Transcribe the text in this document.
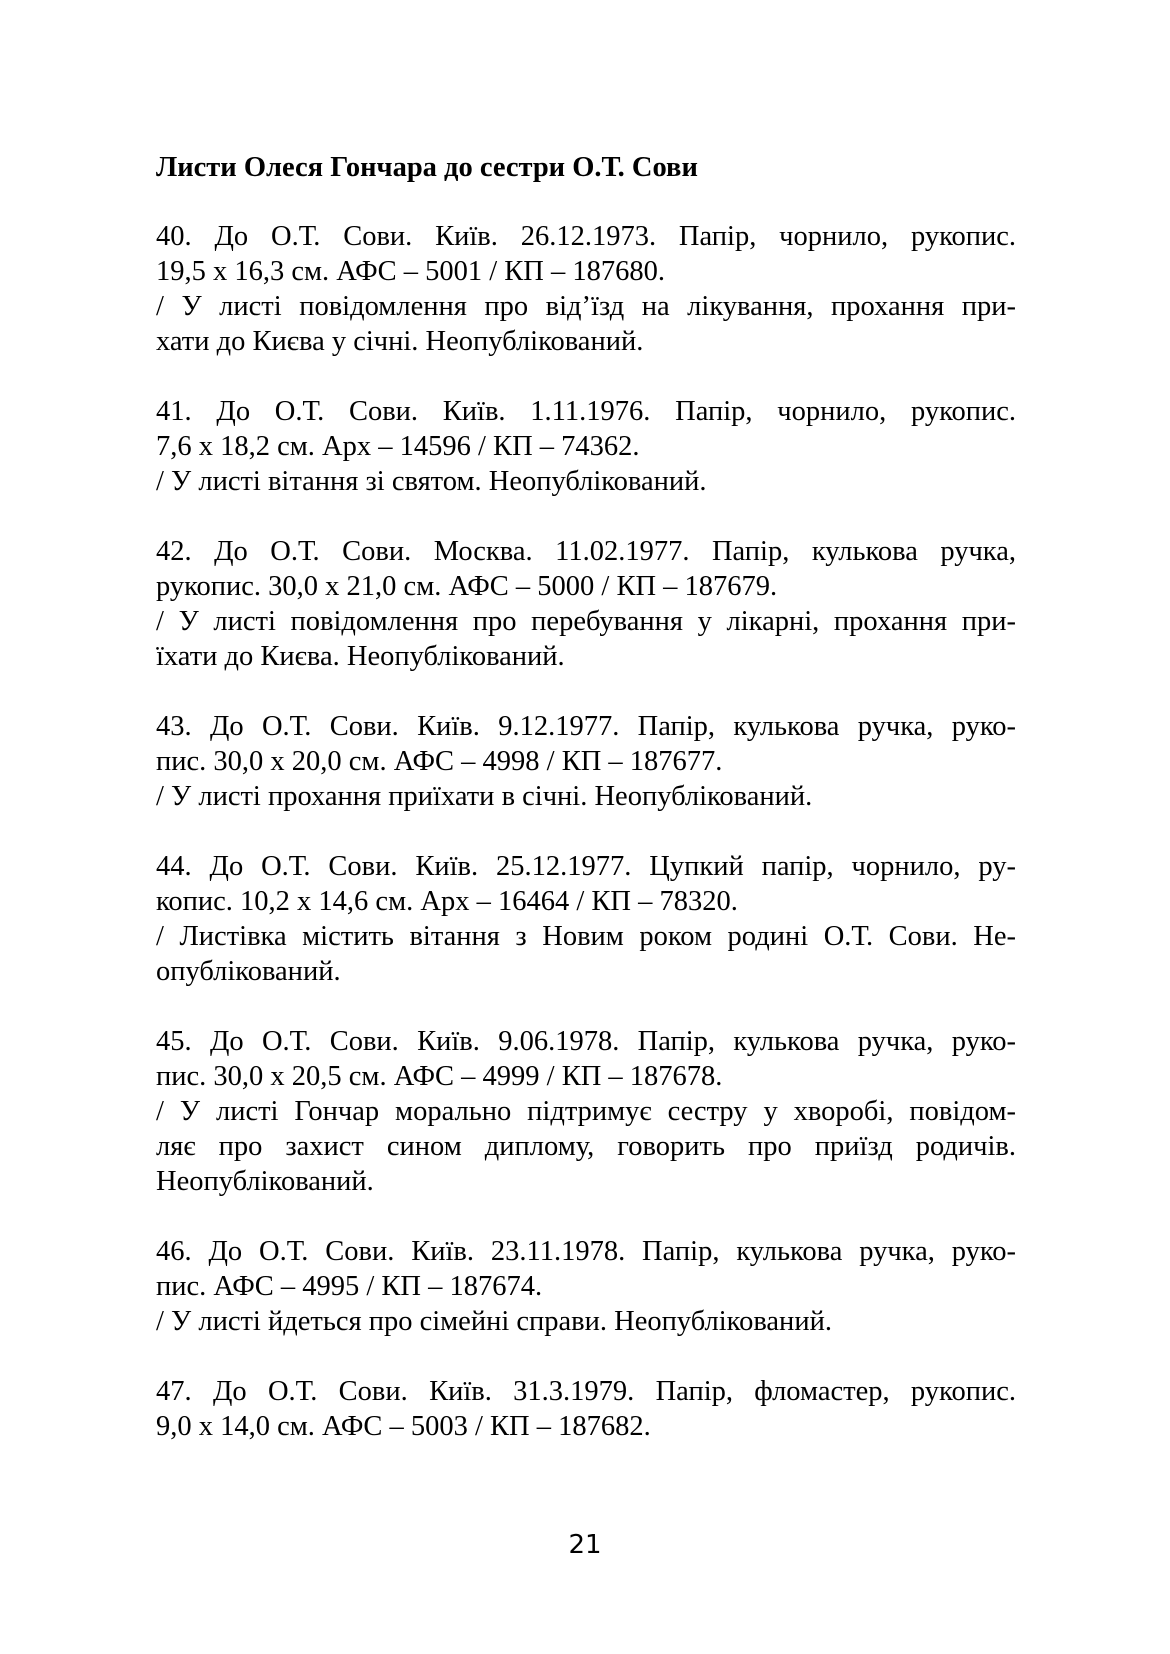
Листи Олеся Гончара до сестри О.Т. Сови
40. До О.Т. Сови. Київ. 26.12.1973. Папір, чорнило, рукопис.
19,5 х 16,3 см. АФС – 5001 / КП – 187680.
/ У листі повідомлення про від’їзд на лікування, прохання при-
хати до Києва у січні. Неопублікований.
41. До О.Т. Сови. Київ. 1.11.1976. Папір, чорнило, рукопис.
7,6 х 18,2 см. Арх – 14596 / КП – 74362.
/ У листі вітання зі святом. Неопублікований.
42. До О.Т. Сови. Москва. 11.02.1977. Папір, кулькова ручка,
рукопис. 30,0 х 21,0 см. АФС – 5000 / КП – 187679.
/ У листі повідомлення про перебування у лікарні, прохання при-
їхати до Києва. Неопублікований.
43. До О.Т. Сови. Київ. 9.12.1977. Папір, кулькова ручка, руко-
пис. 30,0 х 20,0 см. АФС – 4998 / КП – 187677.
/ У листі прохання приїхати в січні. Неопублікований.
44. До О.Т. Сови. Київ. 25.12.1977. Цупкий папір, чорнило, ру-
копис. 10,2 х 14,6 см. Арх – 16464 / КП – 78320.
/ Листівка містить вітання з Новим роком родині О.Т. Сови. Не-
опублікований.
45. До О.Т. Сови. Київ. 9.06.1978. Папір, кулькова ручка, руко-
пис. 30,0 х 20,5 см. АФС – 4999 / КП – 187678.
/ У листі Гончар морально підтримує сестру у хворобі, повідом-
ляє про захист сином диплому, говорить про приїзд родичів.
Неопублікований.
46. До О.Т. Сови. Київ. 23.11.1978. Папір, кулькова ручка, руко-
пис. АФС – 4995 / КП – 187674.
/ У листі йдеться про сімейні справи. Неопублікований.
47. До О.Т. Сови. Київ. 31.3.1979. Папір, фломастер, рукопис.
9,0 х 14,0 см. АФС – 5003 / КП – 187682.
21
